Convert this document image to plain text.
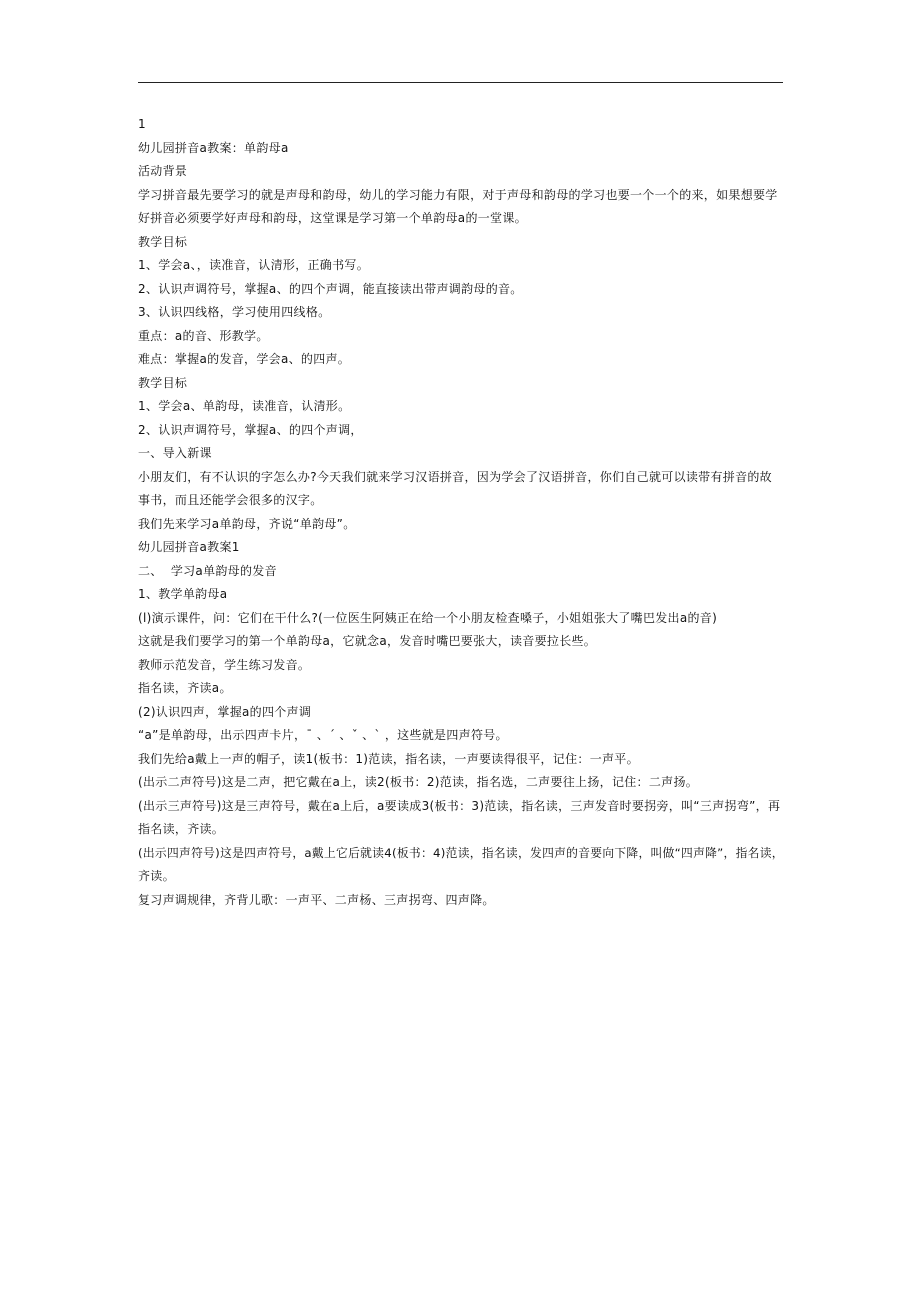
1
幼儿园拼音a教案：单韵母a
活动背景
学习拼音最先要学习的就是声母和韵母，幼儿的学习能力有限，对于声母和韵母的学习也要一个一个的来，如果想要学
好拼音必须要学好声母和韵母，这堂课是学习第一个单韵母a的一堂课。
教学目标
1、学会a、，读准音，认清形，正确书写。
2、认识声调符号，掌握a、的四个声调，能直接读出带声调韵母的音。
3、认识四线格，学习使用四线格。
重点：a的音、形教学。
难点：掌握a的发音，学会a、的四声。
教学目标
1、学会a、单韵母，读准音，认清形。
2、认识声调符号，掌握a、的四个声调，
一、导入新课
小朋友们，有不认识的字怎么办?今天我们就来学习汉语拼音，因为学会了汉语拼音，你们自己就可以读带有拼音的故
事书，而且还能学会很多的汉字。
我们先来学习a单韵母，齐说“单韵母”。
幼儿园拼音a教案1
二、  学习a单韵母的发音
1、教学单韵母a
(l)演示课件，问：它们在干什么?(一位医生阿姨正在给一个小朋友检查嗓子，小姐姐张大了嘴巴发出a的音)
这就是我们要学习的第一个单韵母a，它就念a，发音时嘴巴要张大，读音要拉长些。
教师示范发音，学生练习发音。
指名读，齐读a。
(2)认识四声，掌握a的四个声调
“a”是单韵母，出示四声卡片，ˉ 、ˊ 、ˇ 、ˋ ，这些就是四声符号。
我们先给a戴上一声的帽子，读1(板书：1)范读，指名读，一声要读得很平，记住：一声平。
(出示二声符号)这是二声，把它戴在a上，读2(板书：2)范读，指名选，二声要往上扬，记住：二声扬。
(出示三声符号)这是三声符号，戴在a上后，a要读成3(板书：3)范读，指名读，三声发音时要拐旁，叫“三声拐弯”，再
指名读，齐读。
(出示四声符号)这是四声符号，a戴上它后就读4(板书：4)范读，指名读，发四声的音要向下降，叫做“四声降”，指名读，
齐读。
复习声调规律，齐背儿歌：一声平、二声杨、三声拐弯、四声降。
